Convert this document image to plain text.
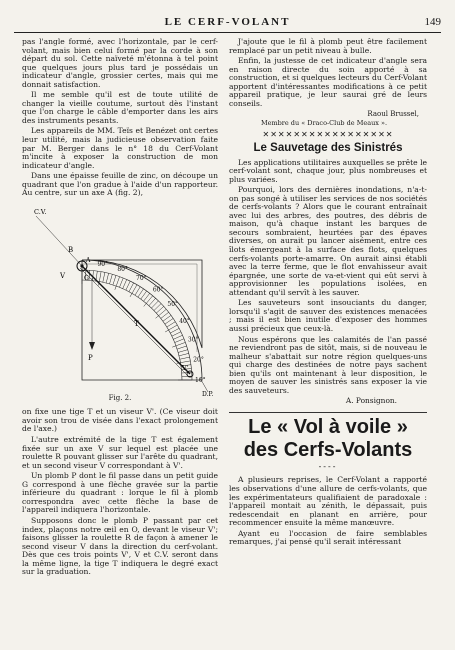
LE CERF-VOLANT	149

pas l'angle formé, avec l'horizontale, par le cerf-volant, mais bien celui formé par la corde à son départ du sol. Cette naïveté m'étonna à tel point que quelques jours plus tard je possédais un indicateur d'angle, grossier certes, mais qui me donnait satisfaction.

Il me semble qu'il est de toute utilité de changer la vieille coutume, surtout dès l'instant que l'on charge le câble d'emporter dans les airs des instruments pesants.

Les appareils de MM. Teïs et Benézet ont certes leur utilité, mais la judicieuse observation faite par M. Berger dans le n° 18 du Cerf-Volant m'incite à exposer la construction de mon indicateur d'angle.

Dans une épaisse feuille de zinc, on découpe un quadrant que l'on gradue à l'aide d'un rapporteur. Au centre, sur un axe A (fig. 2),

90°
80°
70°
60°
50°
40°
30°
20°
10°
C.V.
B
V	G
A
T
V'
P
D.P.
Fig. 2.

on fixe une tige T et un viseur V'. (Ce viseur doit avoir son trou de visée dans l'exact prolongement de l'axe.)

L'autre extrémité de la tige T est également fixée sur un axe V sur lequel est placée une roulette R pouvant glisser sur l'arête du quadrant, et un second viseur V correspondant à V'.

Un plomb P dont le fil passe dans un petit guide G correspond à une flèche gravée sur la partie inférieure du quadrant : lorque le fil à plomb correspondra avec cette flèche la base de l'appareil indiquera l'horizontale.

Supposons donc le plomb P passant par cet index, plaçons notre œil en O, devant le viseur V'; faisons glisser la roulette R de façon à amener le second viseur V dans la direction du cerf-volant. Dès que ces trois points V', V et C.V. seront dans la même ligne, la tige T indiquera le degré exact sur la graduation.

J'ajoute que le fil à plomb peut être facilement remplacé par un petit niveau à bulle.

Enfin, la justesse de cet indicateur d'angle sera en raison directe du soin apporté à sa construction, et si quelques lecteurs du Cerf-Volant apportent d'intéressantes modifications à ce petit appareil pratique, je leur saurai gré de leurs conseils.

Raoul Brussel,
Membre du « Draco-Club de Meaux ».
✕✕✕✕✕✕✕✕✕✕✕✕✕✕✕✕✕
Le Sauvetage des Sinistrés

Les applications utilitaires auxquelles se prête le cerf-volant sont, chaque jour, plus nombreuses et plus variées.

Pourquoi, lors des dernières inondations, n'a-t-on pas songé à utiliser les services de nos sociétés de cerfs-volants ? Alors que le courant entraînait avec lui des arbres, des poutres, des débris de maison, qu'à chaque instant les barques de secours sombraient, heurtées par des épaves diverses, on aurait pu lancer aisément, entre ces îlots émergeant à la surface des flots, quelques cerfs-volants porte-amarre. On aurait ainsi établi avec la terre ferme, que le flot envahisseur avait épargnée, une sorte de va-et-vient qui eût servi à approvisionner les populations isolées, en attendant qu'il servît à les sauver.

Les sauveteurs sont insouciants du danger, lorsqu'il s'agit de sauver des existences menacées ; mais il est bien inutile d'exposer des hommes aussi précieux que ceux-là.

Nous espérons que les calamités de l'an passé ne reviendront pas de sitôt, mais, si de nouveau le malheur s'abattait sur notre région quelques-uns qui charge des destinées de notre pays sachent bien qu'ils ont maintenant à leur disposition, le moyen de sauver les sinistrés sans exposer la vie des sauveteurs.

A. Ponsignon.
Le « Vol à voile »
des Cerfs-Volants
----

A plusieurs reprises, le Cerf-Volant a rapporté les observations d'une allure de cerfs-volants, que les expérimentateurs qualifiaient de paradoxale : l'appareil montait au zénith, le dépassait, puis redescendait en planant en arrière, pour recommencer ensuite la même manœuvre.

Ayant eu l'occasion de faire semblables remarques, j'ai pensé qu'il serait intéressant
